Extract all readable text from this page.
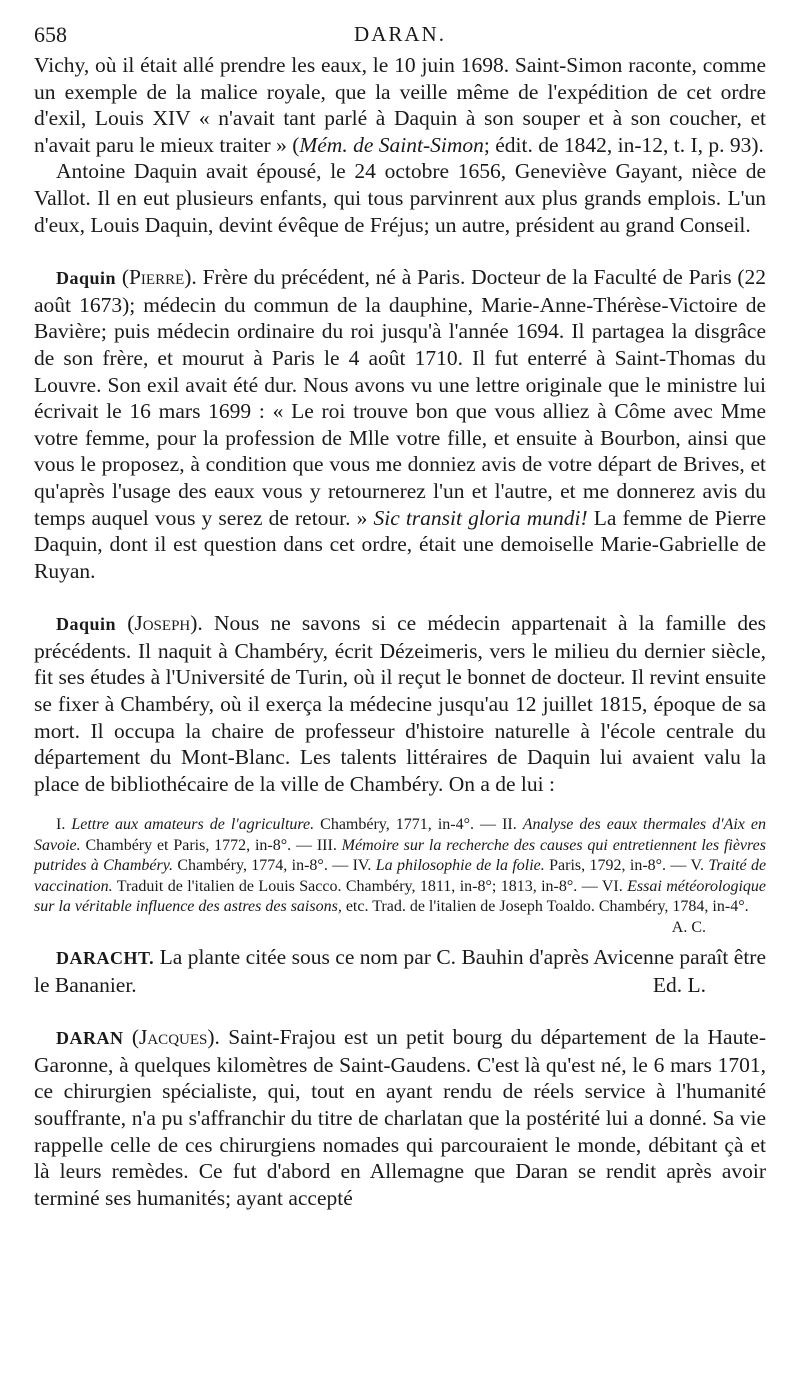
658	DARAN.

Vichy, où il était allé prendre les eaux, le 10 juin 1698. Saint-Simon raconte, comme un exemple de la malice royale, que la veille même de l'expédition de cet ordre d'exil, Louis XIV « n'avait tant parlé à Daquin à son souper et à son coucher, et n'avait paru le mieux traiter » (Mém. de Saint-Simon; édit. de 1842, in-12, t. I, p. 93).

Antoine Daquin avait épousé, le 24 octobre 1656, Geneviève Gayant, nièce de Vallot. Il en eut plusieurs enfants, qui tous parvinrent aux plus grands emplois. L'un d'eux, Louis Daquin, devint évêque de Fréjus; un autre, président au grand Conseil.

Daquin (Pierre). Frère du précédent, né à Paris. Docteur de la Faculté de Paris (22 août 1673); médecin du commun de la dauphine, Marie-Anne-Thérèse-Victoire de Bavière; puis médecin ordinaire du roi jusqu'à l'année 1694. Il partagea la disgrâce de son frère, et mourut à Paris le 4 août 1710. Il fut enterré à Saint-Thomas du Louvre. Son exil avait été dur. Nous avons vu une lettre originale que le ministre lui écrivait le 16 mars 1699 : « Le roi trouve bon que vous alliez à Côme avec Mme votre femme, pour la profession de Mlle votre fille, et ensuite à Bourbon, ainsi que vous le proposez, à condition que vous me donniez avis de votre départ de Brives, et qu'après l'usage des eaux vous y retournerez l'un et l'autre, et me donnerez avis du temps auquel vous y serez de retour. » Sic transit gloria mundi! La femme de Pierre Daquin, dont il est question dans cet ordre, était une demoiselle Marie-Gabrielle de Ruyan.

Daquin (Joseph). Nous ne savons si ce médecin appartenait à la famille des précédents. Il naquit à Chambéry, écrit Dézeimeris, vers le milieu du dernier siècle, fit ses études à l'Université de Turin, où il reçut le bonnet de docteur. Il revint ensuite se fixer à Chambéry, où il exerça la médecine jusqu'au 12 juillet 1815, époque de sa mort. Il occupa la chaire de professeur d'histoire naturelle à l'école centrale du département du Mont-Blanc. Les talents littéraires de Daquin lui avaient valu la place de bibliothécaire de la ville de Chambéry. On a de lui :

I. Lettre aux amateurs de l'agriculture. Chambéry, 1771, in-4°. — II. Analyse des eaux thermales d'Aix en Savoie. Chambéry et Paris, 1772, in-8°. — III. Mémoire sur la recherche des causes qui entretiennent les fièvres putrides à Chambéry. Chambéry, 1774, in-8°. — IV. La philosophie de la folie. Paris, 1792, in-8°. — V. Traité de vaccination. Traduit de l'italien de Louis Sacco. Chambéry, 1811, in-8°; 1813, in-8°. — VI. Essai météorologique sur la véritable influence des astres des saisons, etc. Trad. de l'italien de Joseph Toaldo. Chambéry, 1784, in-4°.
A. C.

DARACHT. La plante citée sous ce nom par C. Bauhin d'après Avicenne paraît être le Bananier.	Ed. L.

DARAN (Jacques). Saint-Frajou est un petit bourg du département de la Haute-Garonne, à quelques kilomètres de Saint-Gaudens. C'est là qu'est né, le 6 mars 1701, ce chirurgien spécialiste, qui, tout en ayant rendu de réels service à l'humanité souffrante, n'a pu s'affranchir du titre de charlatan que la postérité lui a donné. Sa vie rappelle celle de ces chirurgiens nomades qui parcouraient le monde, débitant çà et là leurs remèdes. Ce fut d'abord en Allemagne que Daran se rendit après avoir terminé ses humanités; ayant accepté
